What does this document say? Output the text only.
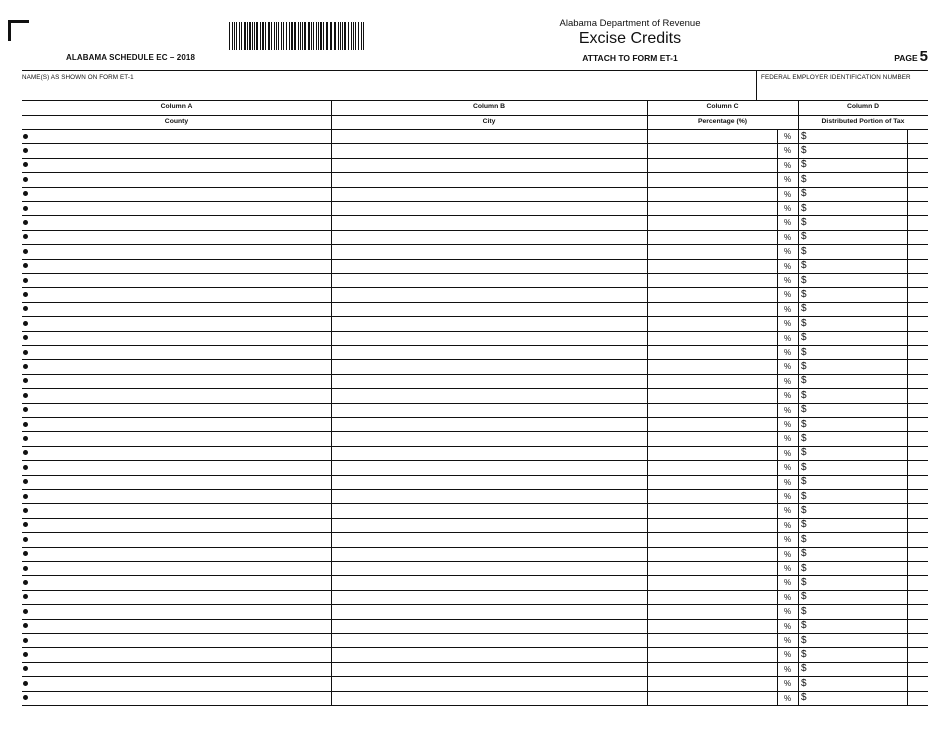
ALABAMA SCHEDULE EC – 2018
Alabama Department of Revenue
Excise Credits
ATTACH TO FORM ET-1	PAGE 5
NAME(S) AS SHOWN ON FORM ET-1	FEDERAL EMPLOYER IDENTIFICATION NUMBER
Column A
County
Column B
City
Column C
Percentage (%)
Column D
Distributed Portion of Tax
% $
% $
% $
% $
% $
% $
% $
% $
% $
% $
% $
% $
% $
% $
% $
% $
% $
% $
% $
% $
% $
% $
% $
% $
% $
% $
% $
% $
% $
% $
% $
% $
% $
% $
% $
% $
% $
% $
% $
% $
